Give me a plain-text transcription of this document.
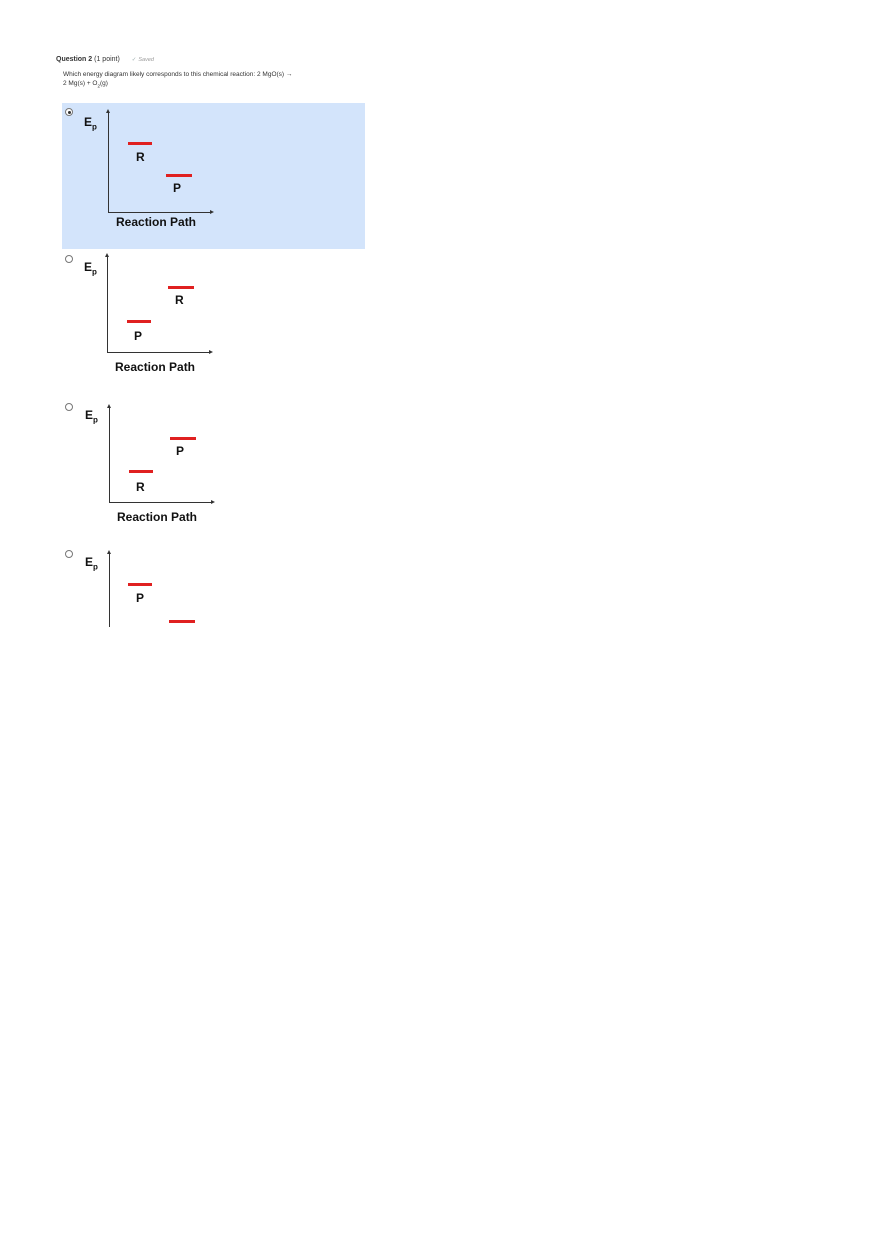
Question 2 (1 point) ✓ Saved
Which energy diagram likely corresponds to this chemical reaction: 2 MgO(s) →
2 $Mg(s) + O_2(g)$
$E_p$
R
P
Reaction Path
$E_p$
R
P
Reaction Path
$E_p$
P
R
Reaction Path
$E_p$
P
